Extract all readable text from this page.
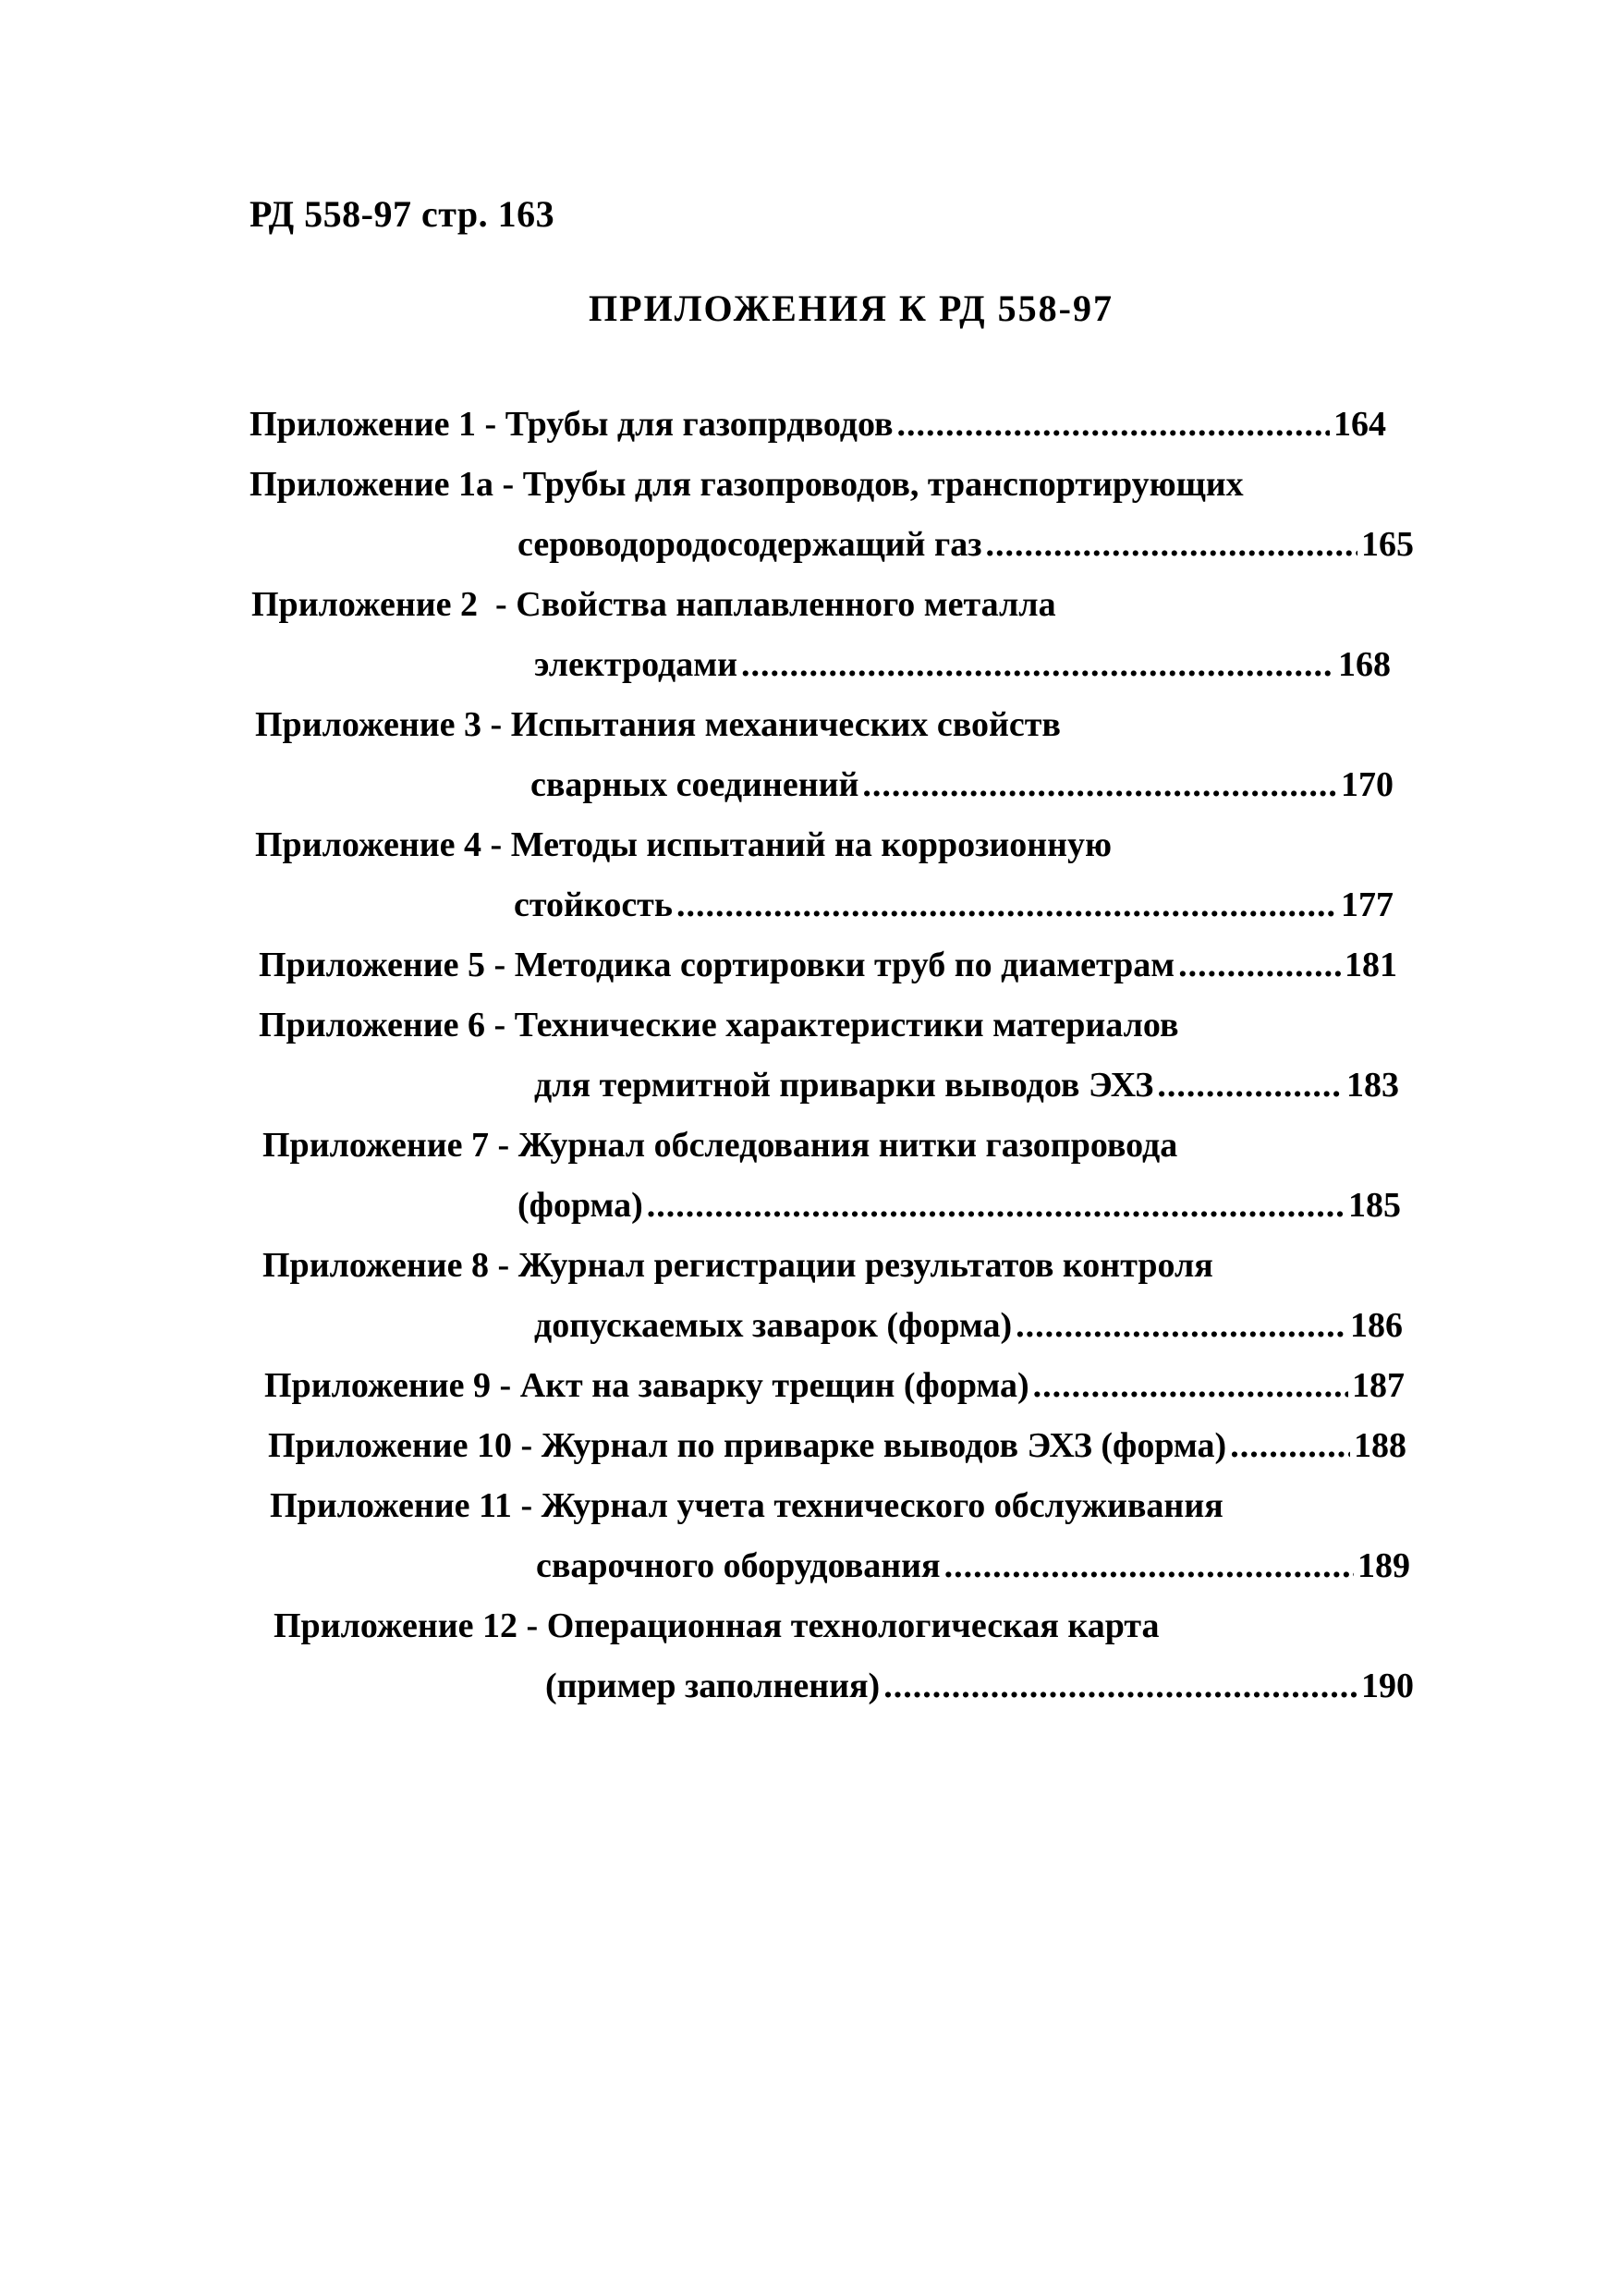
РД 558-97 стр. 163
ПРИЛОЖЕНИЯ К РД 558-97
Приложение 1 - Трубы для газопрдводов .....	164
Приложение 1а - Трубы для газопроводов, транспортирующих
сероводородосодержащий газ .....	165
Приложение 2 - Свойства наплавленного металла
электродами .....	168
Приложение 3 - Испытания механических свойств
сварных соединений .....	170
Приложение 4 - Методы испытаний на коррозионную
стойкость .....	177
Приложение 5 - Методика сортировки труб по диаметрам .....	181
Приложение 6 - Технические характеристики материалов
для термитной приварки выводов ЭХЗ .....	183
Приложение 7 - Журнал обследования нитки газопровода
(форма) .....	185
Приложение 8 - Журнал регистрации результатов контроля
допускаемых заварок (форма) .....	186
Приложение 9 - Акт на заварку трещин (форма) .....	187
Приложение 10 - Журнал по приварке выводов ЭХЗ (форма) .....	188
Приложение 11 - Журнал учета технического обслуживания
сварочного оборудования .....	189
Приложение 12 - Операционная технологическая карта
(пример заполнения) .....	190
